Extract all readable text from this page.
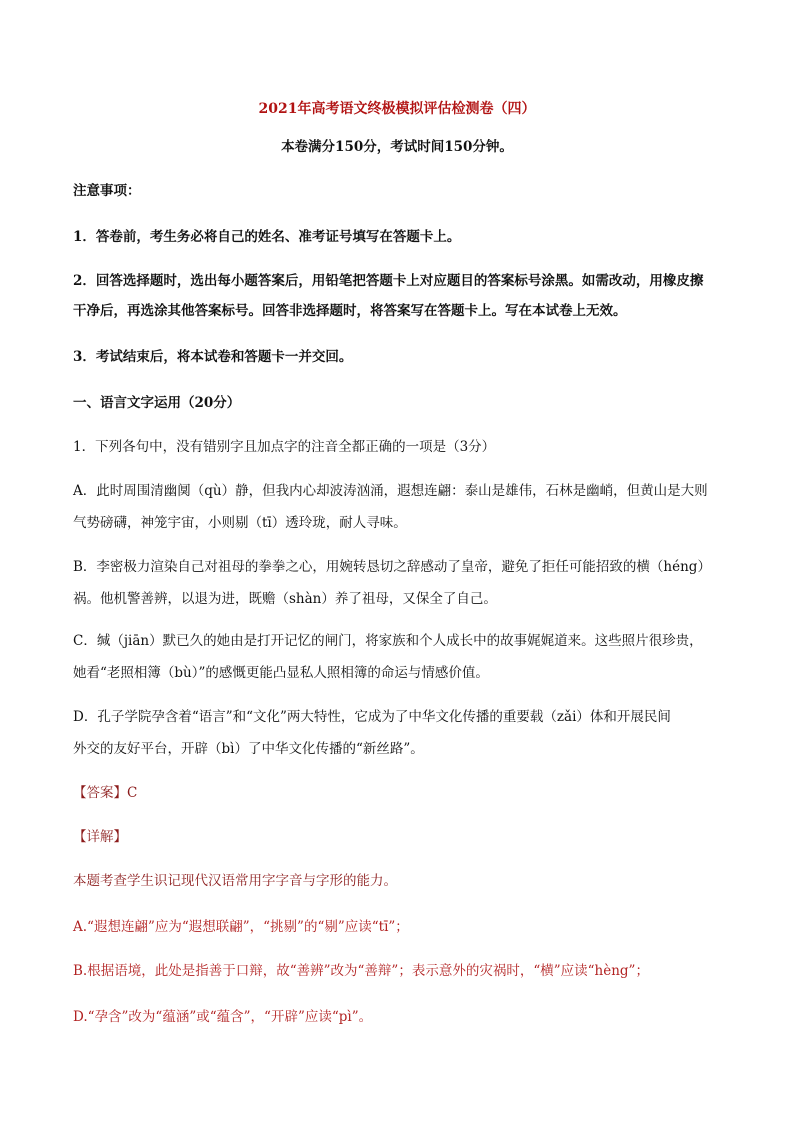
2021年高考语文终极模拟评估检测卷（四）
本卷满分150分，考试时间150分钟。
注意事项：
1．答卷前，考生务必将自己的姓名、准考证号填写在答题卡上。
2．回答选择题时，选出每小题答案后，用铅笔把答题卡上对应题目的答案标号涂黑。如需改动，用橡皮擦
干净后，再选涂其他答案标号。回答非选择题时，将答案写在答题卡上。写在本试卷上无效。
3．考试结束后，将本试卷和答题卡一并交回。
一、语言文字运用（20分）
1．下列各句中，没有错别字且加点字的注音全都正确的一项是（3分）
A．此时周围清幽阒（qù）静，但我内心却波涛汹涌，遐想连翩：泰山是雄伟，石林是幽峭，但黄山是大则
气势磅礴，神笼宇宙，小则剔（tī）透玲珑，耐人寻味。
B．李密极力渲染自己对祖母的拳拳之心，用婉转恳切之辞感动了皇帝，避免了拒任可能招致的横（héng）
祸。他机警善辨，以退为进，既赡（shàn）养了祖母，又保全了自己。
C．缄（jiān）默已久的她由是打开记忆的闸门，将家族和个人成长中的故事娓娓道来。这些照片很珍贵，
她看“老照相簿（bù）”的感慨更能凸显私人照相簿的命运与情感价值。
D．孔子学院孕含着“语言”和“文化”两大特性，它成为了中华文化传播的重要载（zǎi）体和开展民间
外交的友好平台，开辟（bì）了中华文化传播的“新丝路”。
【答案】C
【详解】
本题考查学生识记现代汉语常用字字音与字形的能力。
A.“遐想连翩”应为“遐想联翩”，“挑剔”的“剔”应读“tī”；
B.根据语境，此处是指善于口辩，故“善辨”改为“善辩”；表示意外的灾祸时，“横”应读“hèng”；
D.“孕含”改为“蕴涵”或“蕴含”，“开辟”应读“pì”。
